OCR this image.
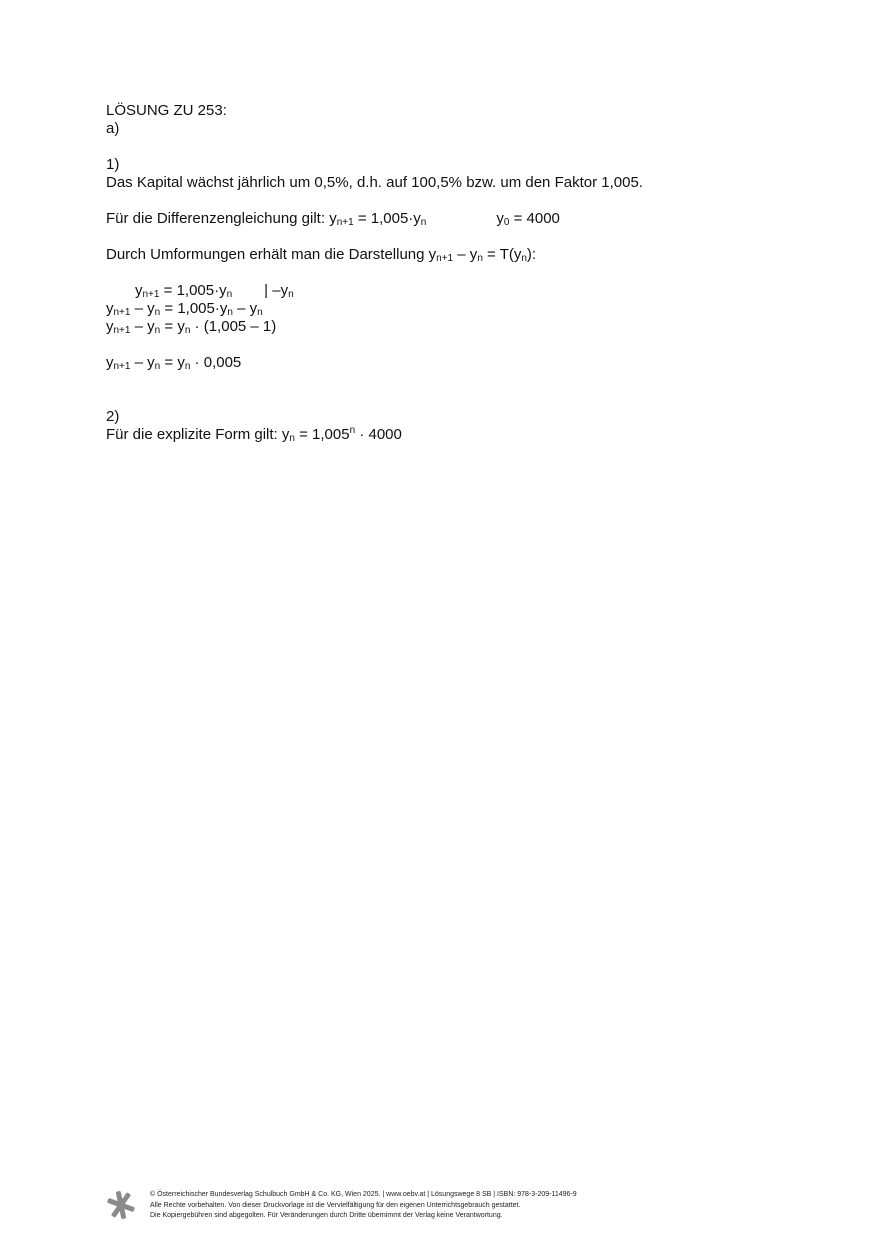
LÖSUNG ZU 253:
a)
1)
Das Kapital wächst jährlich um 0,5%, d.h. auf 100,5% bzw. um den Faktor 1,005.
Für die Differenzengleichung gilt: $y_{n+1} = 1,005\cdot y_n$	$y_0 = 4000$
Durch Umformungen erhält man die Darstellung $y_{n+1} - y_n = T(y_n)$:
$y_{n+1} = 1,005\cdot y_n$ | $-y_n$
$y_{n+1} - y_n = 1,005\cdot y_n - y_n$
$y_{n+1} - y_n = y_n \cdot (1,005 - 1)$
$y_{n+1} - y_n = y_n \cdot 0,005$
2)
Für die explizite Form gilt: $y_n = 1,005^n \cdot 4000$
© Österreichischer Bundesverlag Schulbuch GmbH & Co. KG, Wien 2025. | www.oebv.at | Lösungswege 8 SB | ISBN: 978-3-209-11496-9
Alle Rechte vorbehalten. Von dieser Druckvorlage ist die Vervielfältigung für den eigenen Unterrichtsgebrauch gestattet.
Die Kopiergebühren sind abgegolten. Für Veränderungen durch Dritte übernimmt der Verlag keine Verantwortung.
